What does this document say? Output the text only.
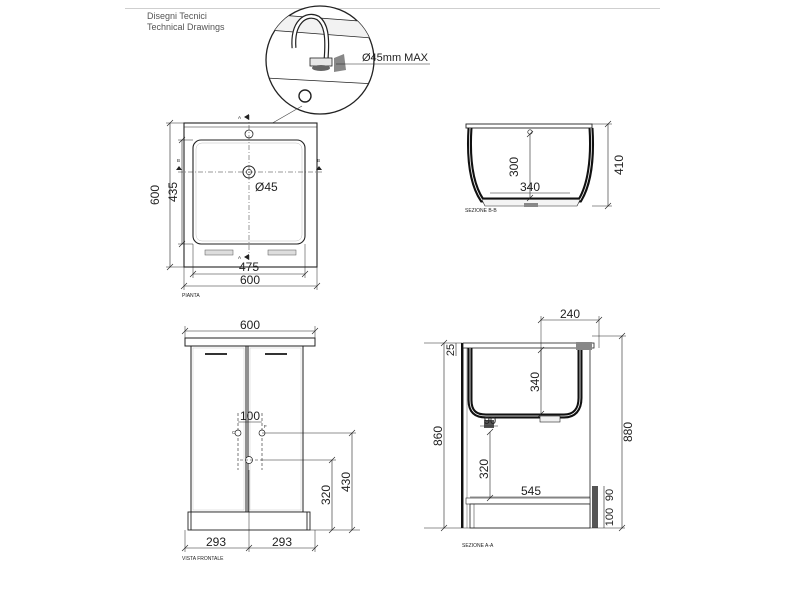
Disegni Tecnici
Technical Drawings
Ø45mm MAX
A
A
B	B
Ø45
600 435
475
600
PIANTA
300
340
410
SEZIONE B-B
C
F
100
600
320
430
293	293
VISTA FRONTALE
240
25
340
860	880
90
320
545	90
100
SEZIONE A-A
